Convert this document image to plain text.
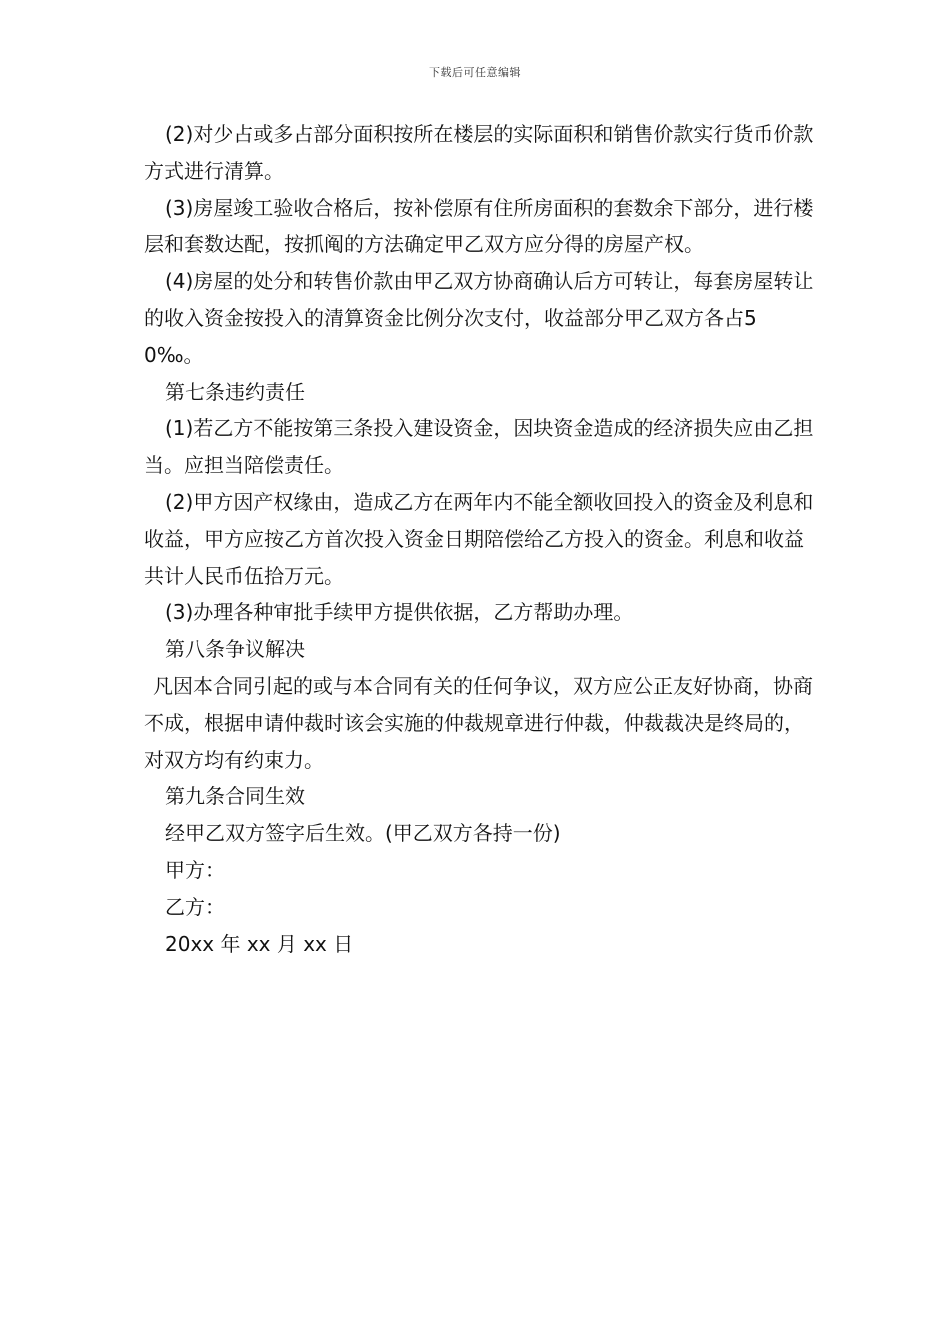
下载后可任意编辑

(2)对少占或多占部分面积按所在楼层的实际面积和销售价款实行货币价款方式进行清算。

(3)房屋竣工验收合格后，按补偿原有住所房面积的套数余下部分，进行楼层和套数达配，按抓阄的方法确定甲乙双方应分得的房屋产权。

(4)房屋的处分和转售价款由甲乙双方协商确认后方可转让，每套房屋转让的收入资金按投入的清算资金比例分次支付，收益部分甲乙双方各占50‰。

第七条违约责任

(1)若乙方不能按第三条投入建设资金，因块资金造成的经济损失应由乙担当。应担当陪偿责任。

(2)甲方因产权缘由，造成乙方在两年内不能全额收回投入的资金及利息和收益，甲方应按乙方首次投入资金日期陪偿给乙方投入的资金。利息和收益共计人民币伍拾万元。

(3)办理各种审批手续甲方提供依据，乙方帮助办理。

第八条争议解决

凡因本合同引起的或与本合同有关的任何争议，双方应公正友好协商，协商不成，根据申请仲裁时该会实施的仲裁规章进行仲裁，仲裁裁决是终局的，对双方均有约束力。

第九条合同生效

经甲乙双方签字后生效。(甲乙双方各持一份)

甲方：

乙方：

20xx 年 xx 月 xx 日
